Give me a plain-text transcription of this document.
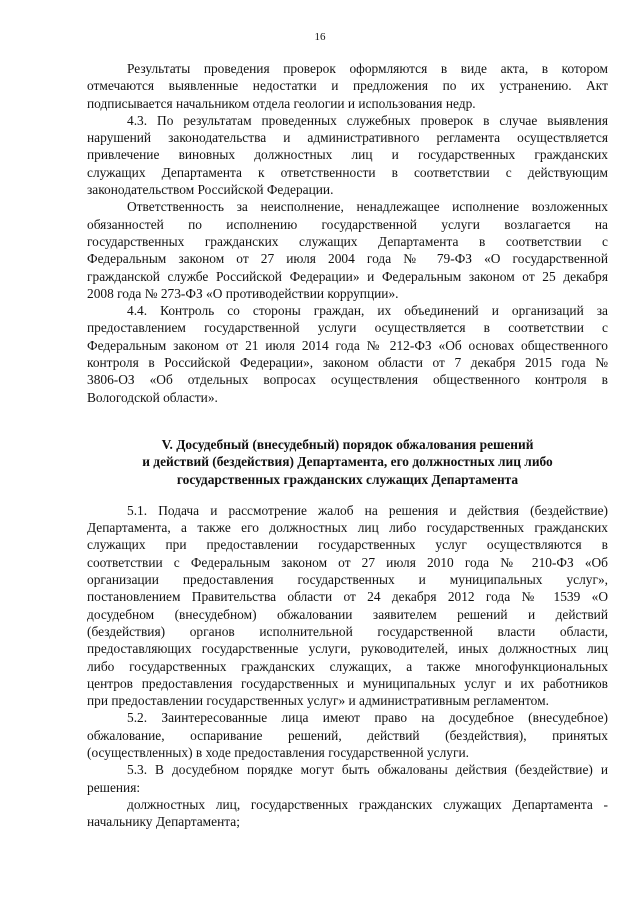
16
Результаты проведения проверок оформляются в виде акта, в котором
отмечаются выявленные недостатки и предложения по их устранению. Акт
подписывается начальником отдела геологии и использования недр.
4.3. По результатам проведенных служебных проверок в случае выявления
нарушений законодательства и административного регламента осуществляется
привлечение виновных должностных лиц и государственных гражданских
служащих Департамента к ответственности в соответствии с действующим
законодательством Российской Федерации.
Ответственность за неисполнение, ненадлежащее исполнение возложенных
обязанностей по исполнению государственной услуги возлагается на
государственных гражданских служащих Департамента в соответствии с
Федеральным законом от 27 июля 2004 года № 79-ФЗ «О государственной
гражданской службе Российской Федерации» и Федеральным законом от 25 декабря
2008 года № 273-ФЗ «О противодействии коррупции».
4.4. Контроль со стороны граждан, их объединений и организаций за
предоставлением государственной услуги осуществляется в соответствии с
Федеральным законом от 21 июля 2014 года № 212-ФЗ «Об основах общественного
контроля в Российской Федерации», законом области от 7 декабря 2015 года №
3806-ОЗ «Об отдельных вопросах осуществления общественного контроля в
Вологодской области».
V. Досудебный (внесудебный) порядок обжалования решений
и действий (бездействия) Департамента, его должностных лиц либо
государственных гражданских служащих Департамента
5.1. Подача и рассмотрение жалоб на решения и действия (бездействие)
Департамента, а также его должностных лиц либо государственных гражданских
служащих при предоставлении государственных услуг осуществляются в
соответствии с Федеральным законом от 27 июля 2010 года № 210-ФЗ «Об
организации предоставления государственных и муниципальных услуг»,
постановлением Правительства области от 24 декабря 2012 года № 1539 «О
досудебном (внесудебном) обжаловании заявителем решений и действий
(бездействия) органов исполнительной государственной власти области,
предоставляющих государственные услуги, руководителей, иных должностных лиц
либо государственных гражданских служащих, а также многофункциональных
центров предоставления государственных и муниципальных услуг и их работников
при предоставлении государственных услуг» и административным регламентом.
5.2. Заинтересованные лица имеют право на досудебное (внесудебное)
обжалование, оспаривание решений, действий (бездействия), принятых
(осуществленных) в ходе предоставления государственной услуги.
5.3. В досудебном порядке могут быть обжалованы действия (бездействие) и
решения:
должностных лиц, государственных гражданских служащих Департамента -
начальнику Департамента;
